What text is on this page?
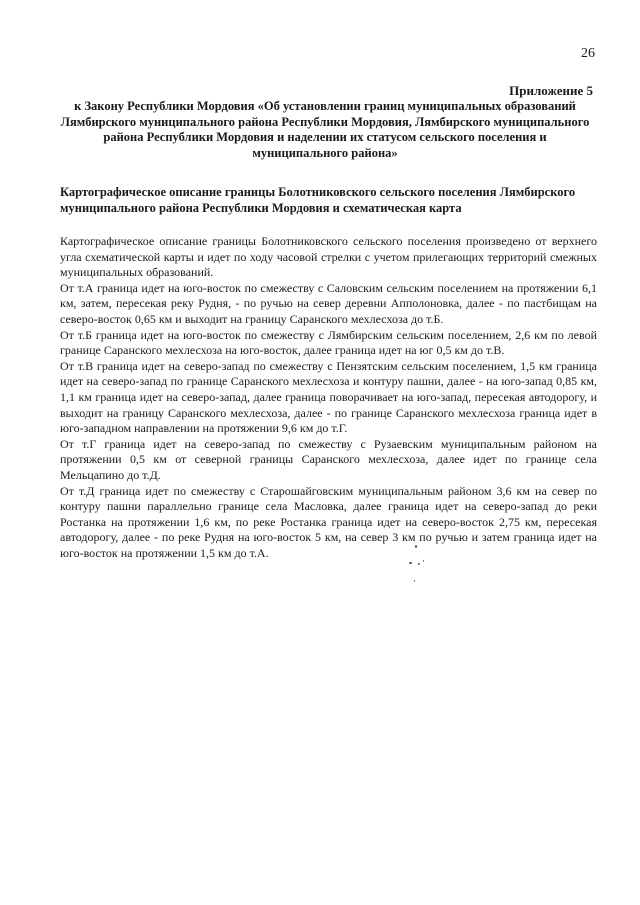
26
Приложение 5
к Закону Республики Мордовия «Об установлении границ муниципальных образований Лямбирского муниципального района Республики Мордовия, Лямбирского муниципального района Республики Мордовия и наделении их статусом сельского поселения и муниципального района»
Картографическое описание границы Болотниковского сельского поселения Лямбирского муниципального района Республики Мордовия и схематическая карта

Картографическое описание границы Болотниковского сельского поселения произведено от верхнего угла схематической карты и идет по ходу часовой стрелки с учетом прилегающих территорий смежных муниципальных образований.

От т.А граница идет на юго-восток по смежеству с Саловским сельским поселением на протяжении 6,1 км, затем, пересекая реку Рудня, - по ручью на север деревни Апполоновка, далее - по пастбищам на северо-восток 0,65 км и выходит на границу Саранского мехлесхоза до т.Б.

От т.Б граница идет на юго-восток по смежеству с Лямбирским сельским поселением, 2,6 км по левой границе Саранского мехлесхоза на юго-восток, далее граница идет на юг 0,5 км до т.В.

От т.В граница идет на северо-запад по смежеству с Пензятским сельским поселением, 1,5 км граница идет на северо-запад по границе Саранского мехлесхоза и контуру пашни, далее - на юго-запад 0,85 км, 1,1 км граница идет на северо-запад, далее граница поворачивает на юго-запад, пересекая автодорогу, и выходит на границу Саранского мехлесхоза, далее - по границе Саранского мехлесхоза граница идет в юго-западном направлении на протяжении 9,6 км до т.Г.

От т.Г граница идет на северо-запад по смежеству с Рузаевским муниципальным районом на протяжении 0,5 км от северной границы Саранского мехлесхоза, далее идет по границе села Мельцапино до т.Д.

От т.Д граница идет по смежеству с Старошайговским муниципальным районом 3,6 км на север по контуру пашни параллельно границе села Масловка, далее граница идет на северо-запад до реки Ростанка на протяжении 1,6 км, по реке Ростанка граница идет на северо-восток 2,75 км, пересекая автодорогу, далее - по реке Рудня на юго-восток 5 км, на север 3 км по ручью и затем граница идет на юго-восток на протяжении 1,5 км до т.А.
